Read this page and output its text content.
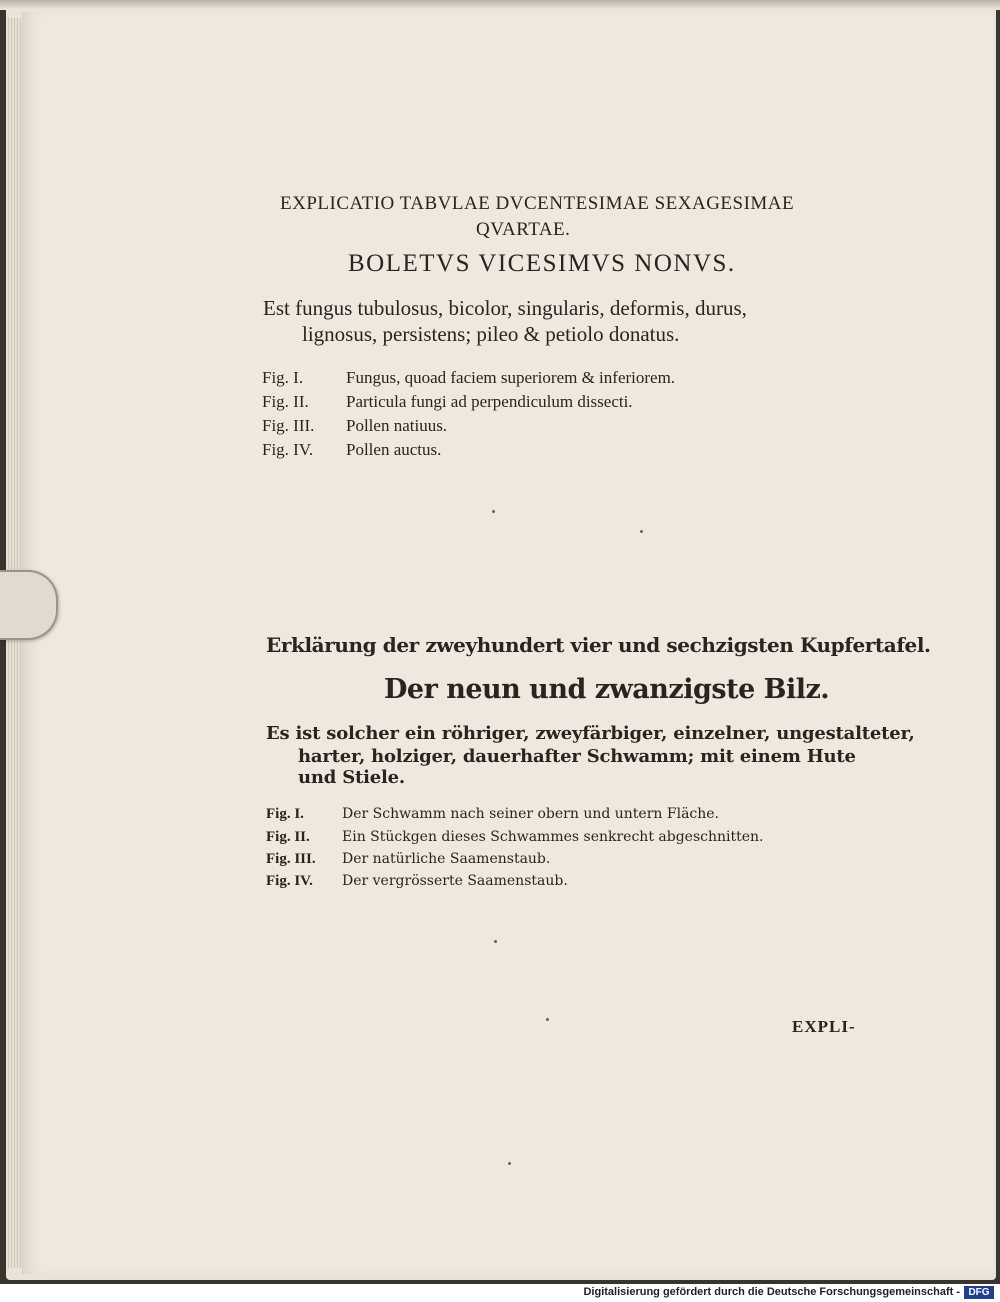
EXPLICATIO TABVLAE DVCENTESIMAE SEXAGESIMAE
QVARTAE.
BOLETVS VICESIMVS NONVS.
Est fungus tubulosus, bicolor, singularis, deformis, durus,
lignosus, persistens; pileo & petiolo donatus.
Fig. I.	Fungus, quoad faciem superiorem & inferiorem.
Fig. II. Particula fungi ad perpendiculum dissecti.
Fig. III. Pollen natiuus.
Fig. IV. Pollen auctus.
Erklärung der zweyhundert vier und sechzigsten Kupfertafel.
Der neun und zwanzigste Bilz.
Es ist solcher ein röhriger, zweyfärbiger, einzelner, ungestalteter,
harter, holziger, dauerhafter Schwamm; mit einem Hute
und Stiele.
Fig. I.	Der Schwamm nach seiner obern und untern Fläche.
Fig. II. Ein Stückgen dieses Schwammes senkrecht abgeschnitten.
Fig. III. Der natürliche Saamenstaub.
Fig. IV. Der vergrösserte Saamenstaub.
EXPLI-
Digitalisierung gefördert durch die Deutsche Forschungsgemeinschaft - DFG
